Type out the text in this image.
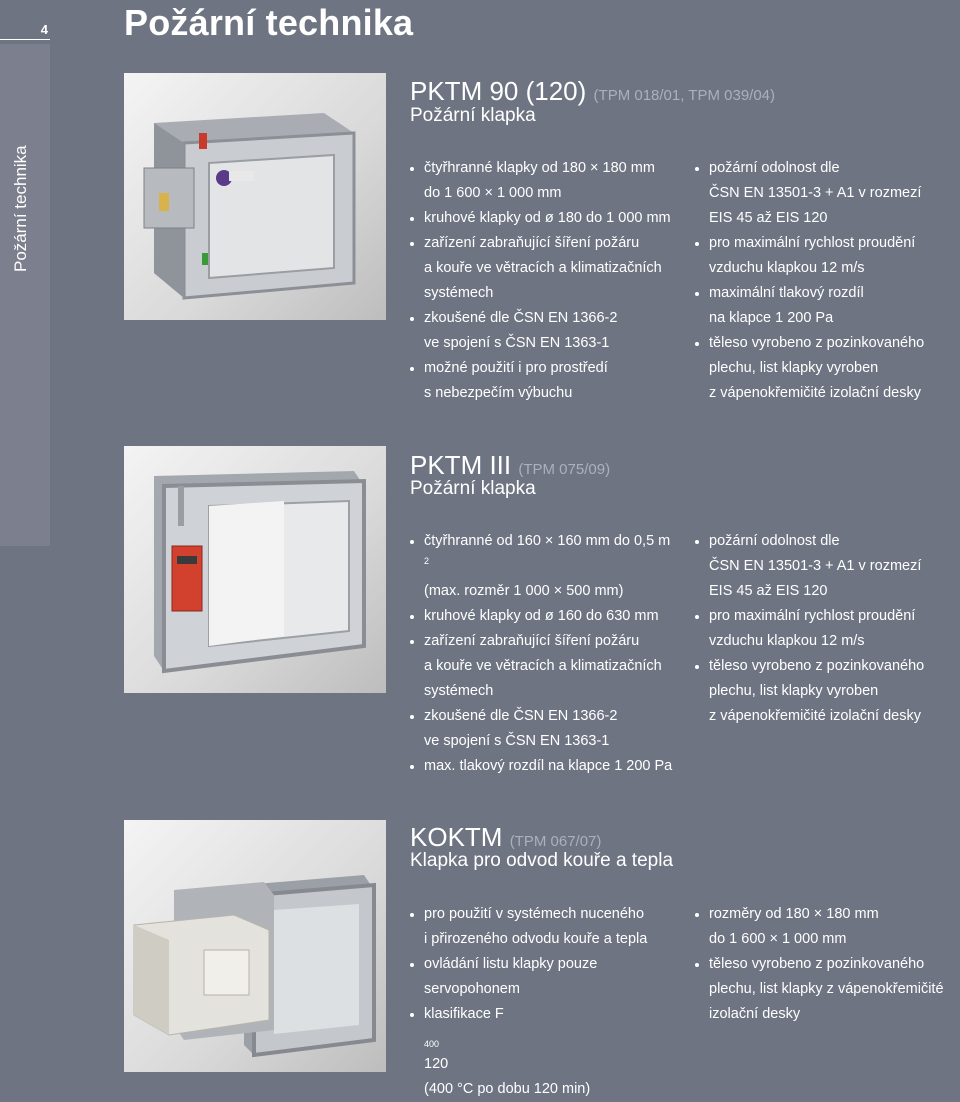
4 Požární technika
Požární technika
PKTM 90 (120) (TPM 018/01, TPM 039/04)
Požární klapka
čtyřhranné klapky od 180 × 180 mm
do 1 600 × 1 000 mm
kruhové klapky od ø 180 do 1 000 mm
zařízení zabraňující šíření požáru
a kouře ve větracích a klimatizačních
systémech
zkoušené dle ČSN EN 1366-2
ve spojení s ČSN EN 1363-1
možné použití i pro prostředí
s nebezpečím výbuchu
požární odolnost dle
ČSN EN 13501-3 + A1 v rozmezí
EIS 45 až EIS 120
pro maximální rychlost proudění
vzduchu klapkou 12 m/s
maximální tlakový rozdíl
na klapce 1 200 Pa
těleso vyrobeno z pozinkovaného
plechu, list klapky vyroben
z vápenokřemičité izolační desky
PKTM III (TPM 075/09)
Požární klapka
čtyřhranné od 160 × 160 mm do 0,5 m
$^2$
(max. rozměr 1 000 × 500 mm)
kruhové klapky od ø 160 do 630 mm
zařízení zabraňující šíření požáru
a kouře ve větracích a klimatizačních
systémech
zkoušené dle ČSN EN 1366-2
ve spojení s ČSN EN 1363-1
max. tlakový rozdíl na klapce 1 200 Pa
požární odolnost dle
ČSN EN 13501-3 + A1 v rozmezí
EIS 45 až EIS 120
pro maximální rychlost proudění
vzduchu klapkou 12 m/s
těleso vyrobeno z pozinkovaného
plechu, list klapky vyroben
z vápenokřemičité izolační desky
KOKTM (TPM 067/07)
Klapka pro odvod kouře a tepla
pro použití v systémech nuceného
i přirozeného odvodu kouře a tepla
ovládání listu klapky pouze
servopohonem
klasifikace F
$_{400}$
120
(400 °C po dobu 120 min)
rozměry od 180 × 180 mm
do 1 600 × 1 000 mm
těleso vyrobeno z pozinkovaného
plechu, list klapky z vápenokřemičité
izolační desky
